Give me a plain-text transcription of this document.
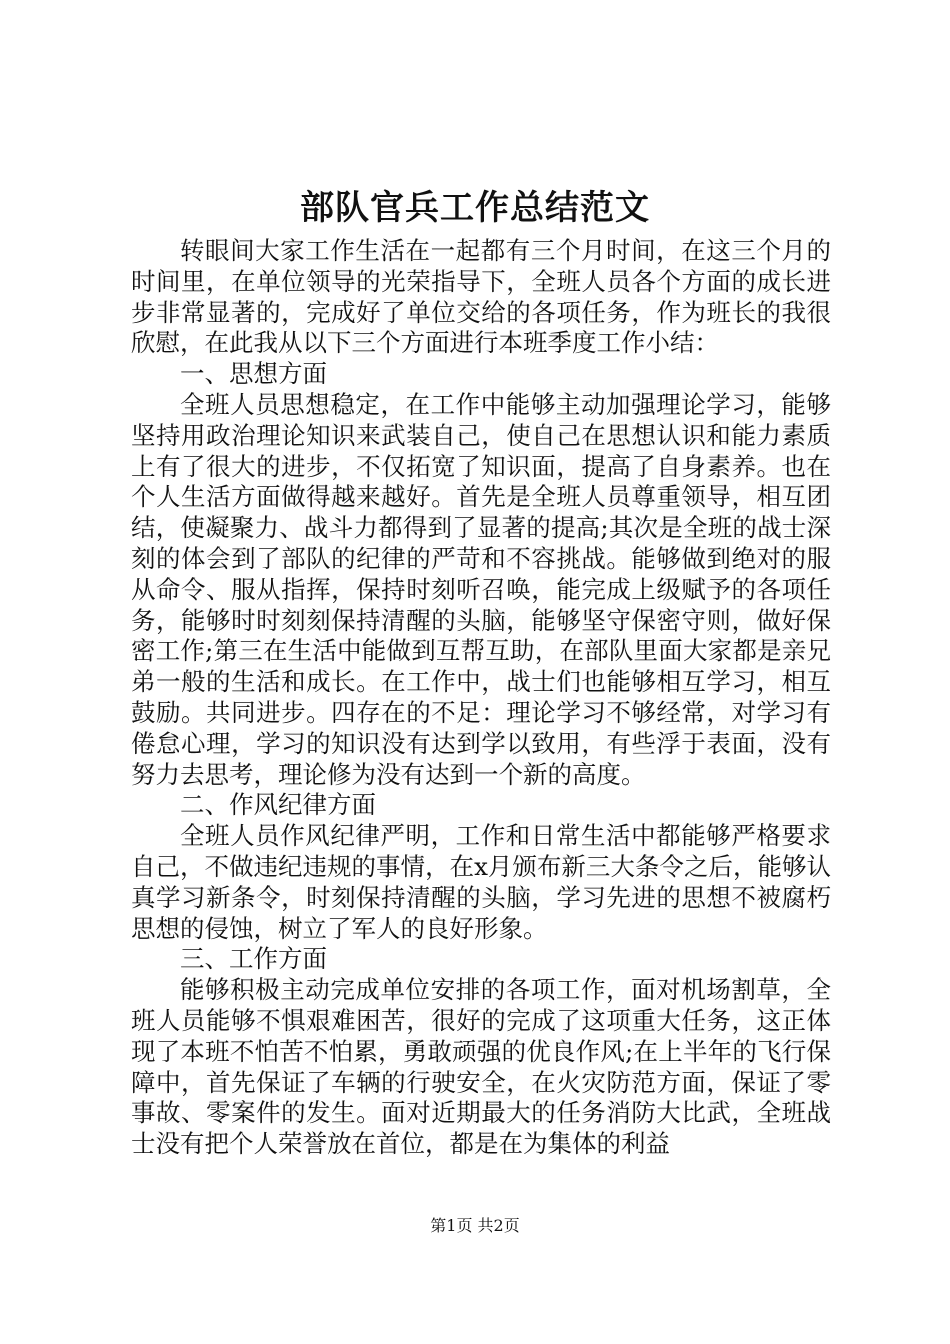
部队官兵工作总结范文

转眼间大家工作生活在一起都有三个月时间，在这三个月的时间里，在单位领导的光荣指导下，全班人员各个方面的成长进步非常显著的，完成好了单位交给的各项任务，作为班长的我很欣慰，在此我从以下三个方面进行本班季度工作小结：

一、思想方面

全班人员思想稳定，在工作中能够主动加强理论学习，能够坚持用政治理论知识来武装自己，使自己在思想认识和能力素质上有了很大的进步，不仅拓宽了知识面，提高了自身素养。也在个人生活方面做得越来越好。首先是全班人员尊重领导，相互团结，使凝聚力、战斗力都得到了显著的提高;其次是全班的战士深刻的体会到了部队的纪律的严苛和不容挑战。能够做到绝对的服从命令、服从指挥，保持时刻听召唤，能完成上级赋予的各项任务，能够时时刻刻保持清醒的头脑，能够坚守保密守则，做好保密工作;第三在生活中能做到互帮互助，在部队里面大家都是亲兄弟一般的生活和成长。在工作中，战士们也能够相互学习，相互鼓励。共同进步。四存在的不足：理论学习不够经常，对学习有倦怠心理，学习的知识没有达到学以致用，有些浮于表面，没有努力去思考，理论修为没有达到一个新的高度。

二、作风纪律方面

全班人员作风纪律严明，工作和日常生活中都能够严格要求自己，不做违纪违规的事情，在x月颁布新三大条令之后，能够认真学习新条令，时刻保持清醒的头脑，学习先进的思想不被腐朽思想的侵蚀，树立了军人的良好形象。

三、工作方面

能够积极主动完成单位安排的各项工作，面对机场割草，全班人员能够不惧艰难困苦，很好的完成了这项重大任务，这正体现了本班不怕苦不怕累，勇敢顽强的优良作风;在上半年的飞行保障中，首先保证了车辆的行驶安全，在火灾防范方面，保证了零事故、零案件的发生。面对近期最大的任务消防大比武，全班战士没有把个人荣誉放在首位，都是在为集体的利益

第1页 共2页
